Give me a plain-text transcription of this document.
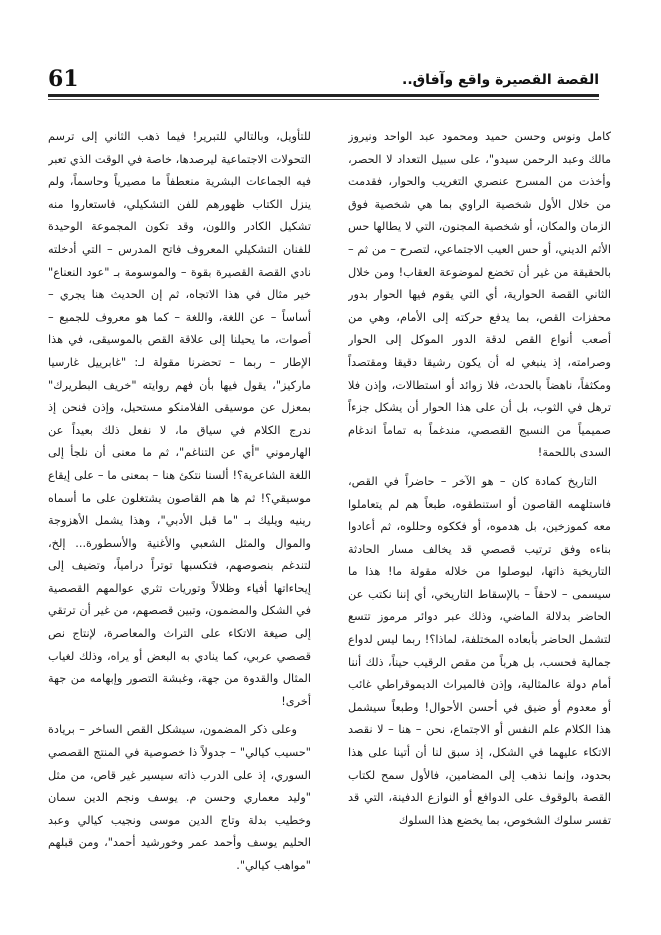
القصة القصيرة واقع وآفاق..
61

كامل ونوس وحسن حميد ومحمود عبد الواحد ونيروز مالك وعبد الرحمن سيدو"، على سبيل التعداد لا الحصر، وأخذت من المسرح عنصري التغريب والحوار، فقدمت من خلال الأول شخصية الراوي بما هي شخصية فوق الزمان والمكان، أو شخصية المجنون، التي لا يطالها حس الأثم الديني، أو حس العيب الاجتماعي، لتصرح – من ثم – بالحقيقة من غير أن تخضع لموضوعة العقاب! ومن خلال الثاني القصة الحوارية، أي التي يقوم فيها الحوار بدور محفزات القص، بما يدفع حركته إلى الأمام، وهي من أصعب أنواع القص لدقة الدور الموكل إلى الحوار وصرامته، إذ ينبغي له أن يكون رشيقا دقيقا ومقتصداً ومكثفاً، ناهضاً بالحدث، فلا زوائد أو استطالات، وإذن فلا ترهل في الثوب، بل أن على هذا الحوار أن يشكل جزءاً صميمياً من النسيج القصصي، مندغماً به تماماً اندغام السدى باللحمة!

التاريخ كمادة كان – هو الآخر – حاضراً في القص، فاستلهمه القاصون أو استنطقوه، طبعاً هم لم يتعاملوا معه كموزخين، بل هدموه، أو فككوه وحللوه، ثم أعادوا بناءه وفق ترتيب قصصي قد يخالف مسار الحادثة التاريخية ذاتها، ليوصلوا من خلاله مقولة ما! هذا ما سيسمى – لاحقاً – بالإسقاط التاريخي، أي إننا نكتب عن الحاضر بدلالة الماضي، وذلك عبر دوائر مرموز تتسع لتشمل الحاضر بأبعاده المختلفة، لماذا؟! ربما ليس لدواع جمالية فحسب، بل هرباً من مقص الرقيب حيناً، ذلك أننا أمام دولة عالمثالية، وإذن فالميراث الديموقراطي غائب أو معدوم أو ضيق في أحسن الأحوال! وطبعاً سيشمل هذا الكلام علم النفس أو الاجتماع، نحن – هنا – لا نقصد الاتكاء عليهما في الشكل، إذ سبق لنا أن أتينا على هذا بحدود، وإنما نذهب إلى المضامين، فالأول سمح لكتاب القصة بالوقوف على الدوافع أو النوازع الدفينة، التي قد تفسر سلوك الشخوص، بما يخضع هذا السلوك

للتأويل، وبالتالي للتبرير! فيما ذهب الثاني إلى ترسم التحولات الاجتماعية ليرصدها، خاصة في الوقت الذي تعبر فيه الجماعات البشرية منعطفاً ما مصيرياً وحاسماً، ولم ينزل الكتاب ظهورهم للفن التشكيلي، فاستعاروا منه تشكيل الكادر واللون، وقد تكون المجموعة الوحيدة للفنان التشكيلي المعروف فاتح المدرس – التي أدخلته نادي القصة القصيرة بقوة – والموسومة بـ "عود النعناع" خير مثال في هذا الاتجاه، ثم إن الحديث هنا يجري – أساساً – عن اللغة، واللغة – كما هو معروف للجميع – أصوات، ما يحيلنا إلى علاقة القص بالموسيقى، في هذا الإطار – ربما – تحضرنا مقولة لـ: "غابرييل غارسيا ماركيز"، يقول فيها بأن فهم روايته "خريف البطريرك" بمعزل عن موسيقى الفلامنكو مستحيل، وإذن فنحن إذ ندرج الكلام في سياق ما، لا نفعل ذلك بعيداً عن الهارموني "أي عن التناغم"، ثم ما معنى أن نلجأ إلى اللغة الشاعرية؟! ألسنا نتكئ هنا – بمعنى ما – على إيقاع موسيقي؟! ثم ها هم القاصون يشتغلون على ما أسماه رينيه ويليك بـ "ما قبل الأدبي"، وهذا يشمل الأهزوجة والموال والمثل الشعبي والأغنية والأسطورة... إلخ، لتندغم بنصوصهم، فتكسبها توتراً درامياً، وتضيف إلى إيحاءاتها أفياء وظلالاً وتوريات تثري عوالمهم القصصية في الشكل والمضمون، وتبين قصصهم، من غير أن ترتقي إلى صيغة الاتكاء على التراث والمعاصرة، لإنتاج نص قصصي عربي، كما ينادي به البعض أو يراه، وذلك لغياب المثال والقدوة من جهة، وغبشة التصور وإبهامه من جهة أخرى!

وعلى ذكر المضمون، سيشكل القص الساخر – بريادة "حسيب كيالي" – جدولاً ذا خصوصية في المنتج القصصي السوري، إذ على الدرب ذاته سيسير غير قاص، من مثل "وليد معماري وحسن م. يوسف ونجم الدين سمان وخطيب بدلة وتاج الدين موسى ونجيب كيالي وعبد الحليم يوسف وأحمد عمر وخورشيد أحمد"، ومن قبلهم "مواهب كيالي".
